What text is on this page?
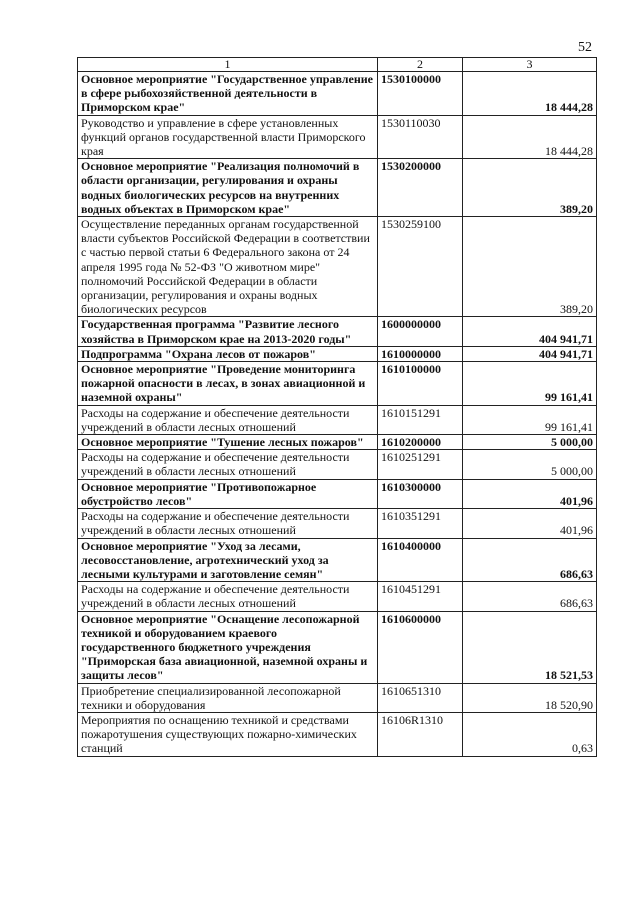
52
1	2	3
Основное мероприятие "Государственное управление в сфере рыбохозяйственной деятельности в Приморском крае"	1530100000	18 444,28
Руководство и управление в сфере установленных функций органов государственной власти Приморского края	1530110030	18 444,28
Основное мероприятие "Реализация полномочий в области организации, регулирования и охраны водных биологических ресурсов на внутренних водных объектах в Приморском крае"	1530200000	389,20
Осуществление переданных органам государственной власти субъектов Российской Федерации в соответствии с частью первой статьи 6 Федерального закона от 24 апреля 1995 года № 52-ФЗ "О животном мире" полномочий Российской Федерации в области организации, регулирования и охраны водных биологических ресурсов	1530259100	389,20
Государственная программа "Развитие лесного хозяйства в Приморском крае на 2013-2020 годы"	1600000000	404 941,71
Подпрограмма "Охрана лесов от пожаров"	1610000000	404 941,71
Основное мероприятие "Проведение мониторинга пожарной опасности в лесах, в зонах авиационной и наземной охраны"	1610100000	99 161,41
Расходы на содержание и обеспечение деятельности учреждений в области лесных отношений	1610151291	99 161,41
Основное мероприятие "Тушение лесных пожаров"	1610200000	5 000,00
Расходы на содержание и обеспечение деятельности учреждений в области лесных отношений	1610251291	5 000,00
Основное мероприятие "Противопожарное обустройство лесов"	1610300000	401,96
Расходы на содержание и обеспечение деятельности учреждений в области лесных отношений	1610351291	401,96
Основное мероприятие "Уход за лесами, лесовосстановление, агротехнический уход за лесными культурами и заготовление семян"	1610400000	686,63
Расходы на содержание и обеспечение деятельности учреждений в области лесных отношений	1610451291	686,63
Основное мероприятие "Оснащение лесопожарной техникой и оборудованием краевого государственного бюджетного учреждения "Приморская база авиационной, наземной охраны и защиты лесов"	1610600000	18 521,53
Приобретение специализированной лесопожарной техники и оборудования	1610651310	18 520,90
Мероприятия по оснащению техникой и средствами пожаротушения существующих пожарно-химических станций	16106R1310	0,63
